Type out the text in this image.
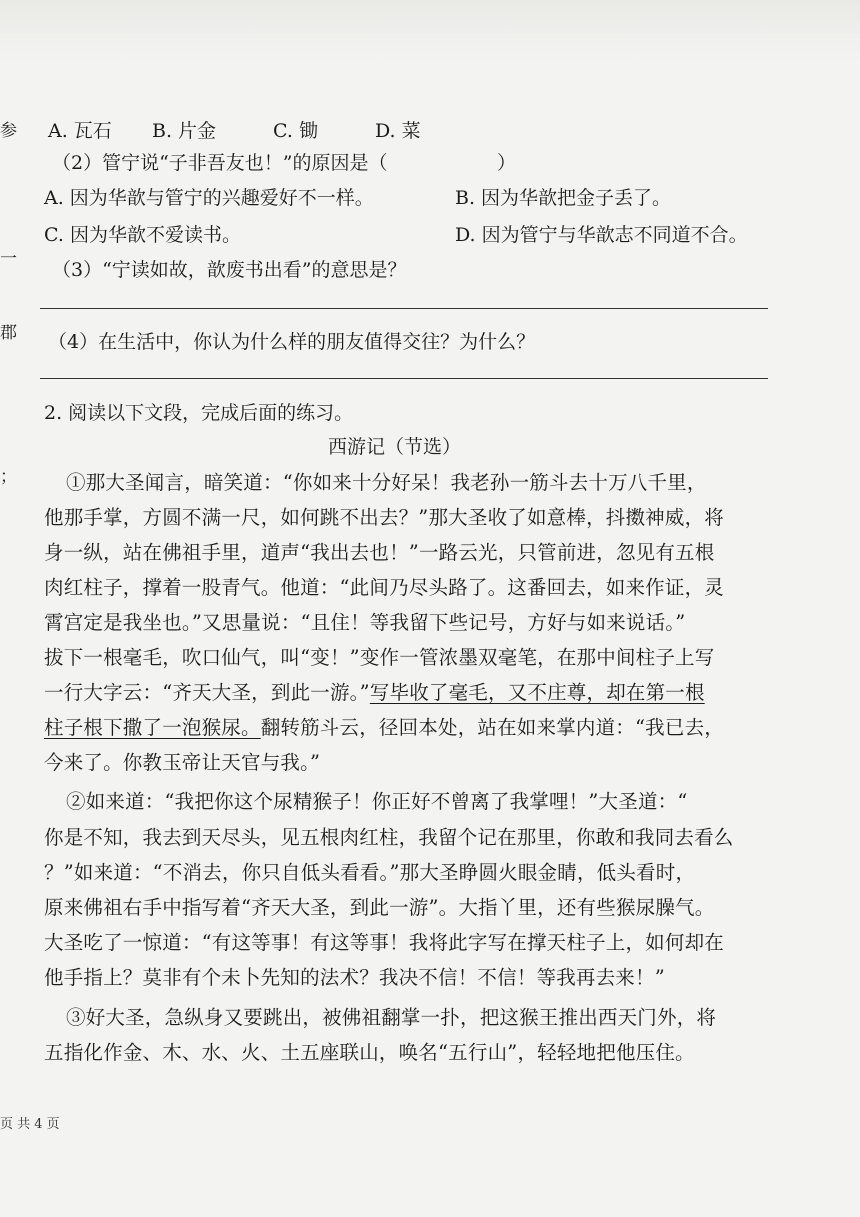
参
一
郡
；
A. 瓦石 B. 片金	C. 锄	D. 菜
（2）管宁说“子非吾友也！”的原因是（	）
A. 因为华歆与管宁的兴趣爱好不一样。	B. 因为华歆把金子丢了。
C. 因为华歆不爱读书。	D. 因为管宁与华歆志不同道不合。
（3）“宁读如故，歆废书出看”的意思是？
（4）在生活中，你认为什么样的朋友值得交往？为什么？
2. 阅读以下文段，完成后面的练习。
西游记（节选）
①那大圣闻言，暗笑道：“你如来十分好呆！我老孙一筋斗去十万八千里，
他那手掌，方圆不满一尺，如何跳不出去？”那大圣收了如意棒，抖擞神威，将
身一纵，站在佛祖手里，道声“我出去也！”一路云光，只管前进，忽见有五根
肉红柱子，撑着一股青气。他道：“此间乃尽头路了。这番回去，如来作证，灵
霄宫定是我坐也。”又思量说：“且住！等我留下些记号，方好与如来说话。”
拔下一根毫毛，吹口仙气，叫“变！”变作一管浓墨双毫笔，在那中间柱子上写
一行大字云：“齐天大圣，到此一游。”写毕收了毫毛，又不庄尊，却在第一根
柱子根下撒了一泡猴尿。翻转筋斗云，径回本处，站在如来掌内道：“我已去，
今来了。你教玉帝让天官与我。”
②如来道：“我把你这个尿精猴子！你正好不曾离了我掌哩！”大圣道：“
你是不知，我去到天尽头，见五根肉红柱，我留个记在那里，你敢和我同去看么
？”如来道：“不消去，你只自低头看看。”那大圣睁圆火眼金睛，低头看时，
原来佛祖右手中指写着“齐天大圣，到此一游”。大指丫里，还有些猴尿臊气。
大圣吃了一惊道：“有这等事！有这等事！我将此字写在撑天柱子上，如何却在
他手指上？莫非有个未卜先知的法术？我决不信！不信！等我再去来！”
③好大圣，急纵身又要跳出，被佛祖翻掌一扑，把这猴王推出西天门外，将
五指化作金、木、水、火、土五座联山，唤名“五行山”，轻轻地把他压住。
页 共 4 页
